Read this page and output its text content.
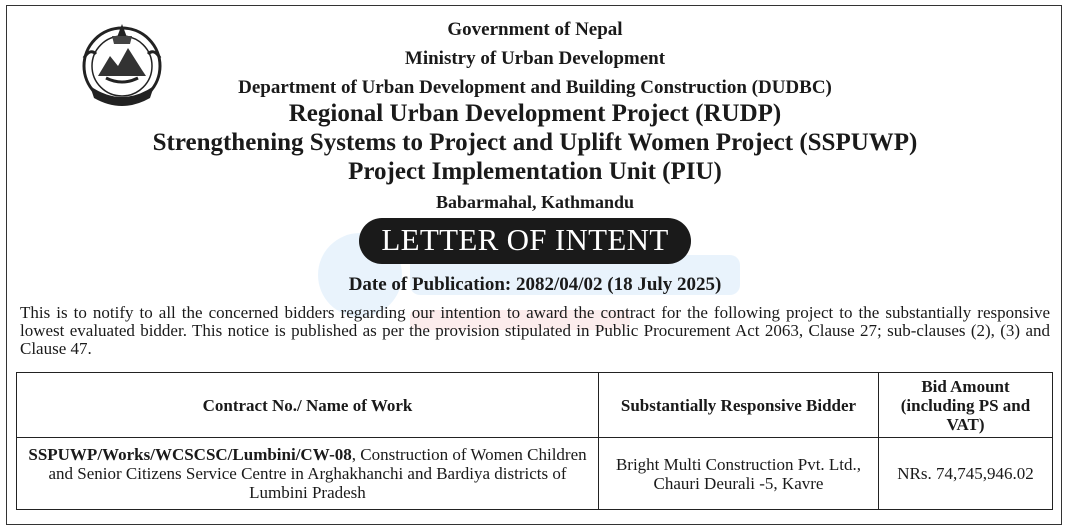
Government of Nepal
Ministry of Urban Development
Department of Urban Development and Building Construction (DUDBC)
Regional Urban Development Project (RUDP)
Strengthening Systems to Project and Uplift Women Project (SSPUWP)
Project Implementation Unit (PIU)
Babarmahal, Kathmandu
LETTER OF INTENT
Date of Publication: 2082/04/02 (18 July 2025)

This is to notify to all the concerned bidders regarding our intention to award the contract for the following project to the substantially responsive lowest evaluated bidder. This notice is published as per the provision stipulated in Public Procurement Act 2063, Clause 27; sub-clauses (2), (3) and Clause 47.

Contract No./ Name of Work	Substantially Responsive Bidder	Bid Amount (including PS and VAT)
SSPUWP/Works/WCSCSC/Lumbini/CW-08, Construction of Women Children and Senior Citizens Service Centre in Arghakhanchi and Bardiya districts of Lumbini Pradesh	Bright Multi Construction Pvt. Ltd., Chauri Deurali -5, Kavre	NRs. 74,745,946.02
